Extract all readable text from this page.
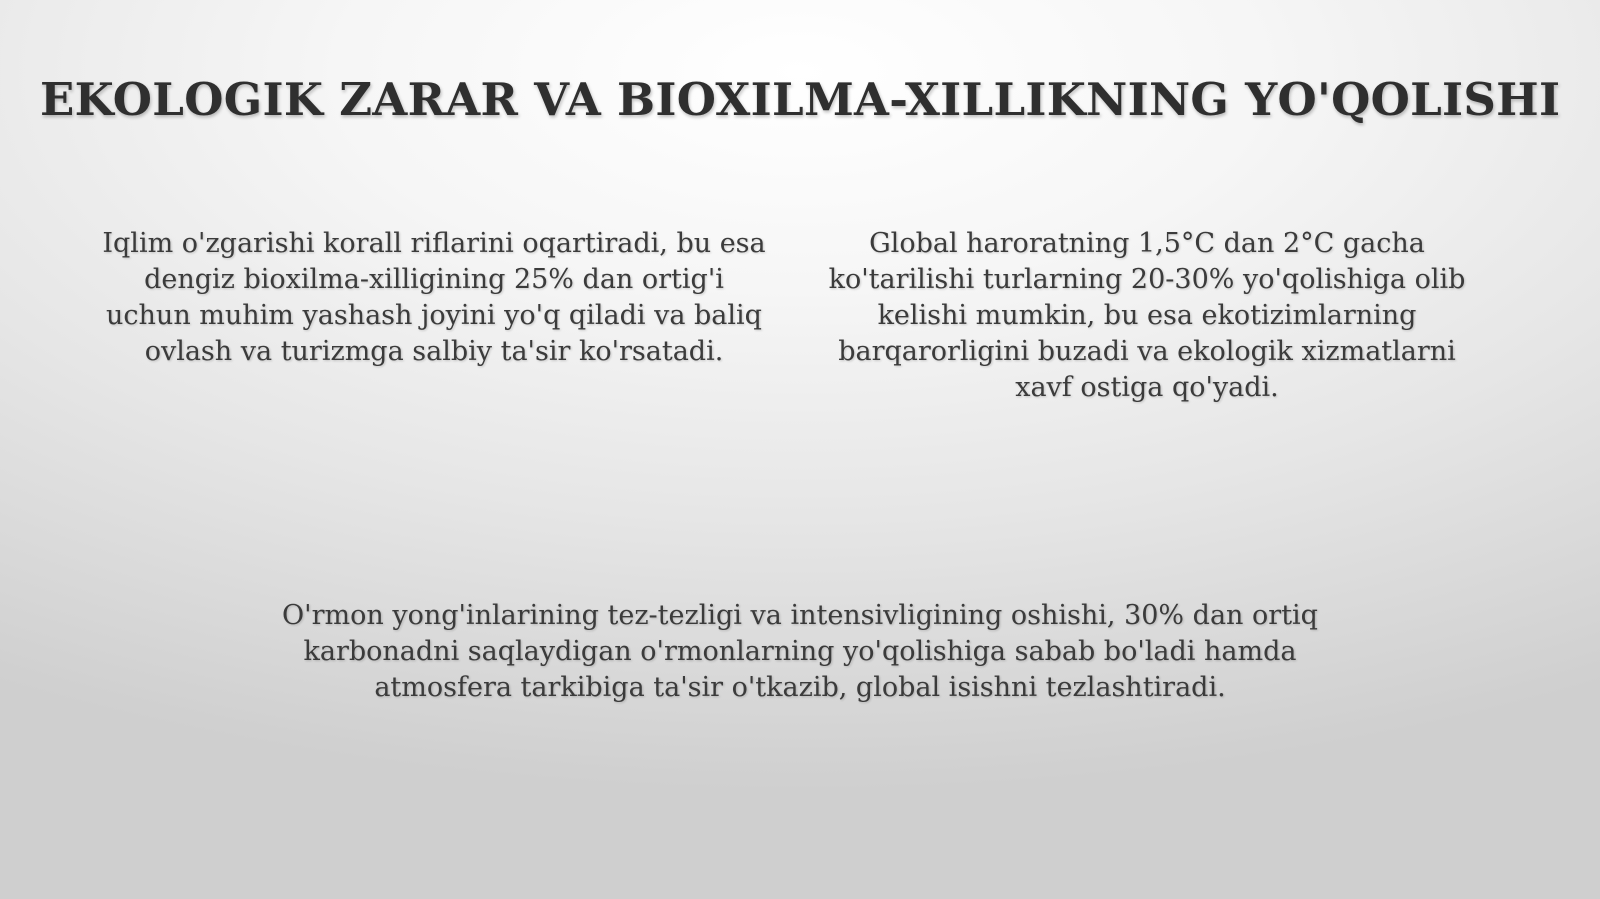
EKOLOGIK ZARAR VA BIOXILMA-XILLIKNING YO'QOLISHI

Iqlim o'zgarishi korall riflarini oqartiradi, bu esa dengiz bioxilma-xilligining 25% dan ortig'i uchun muhim yashash joyini yo'q qiladi va baliq ovlash va turizmga salbiy ta'sir ko'rsatadi.

Global haroratning 1,5°C dan 2°C gacha ko'tarilishi turlarning 20-30% yo'qolishiga olib kelishi mumkin, bu esa ekotizimlarning barqarorligini buzadi va ekologik xizmatlarni xavf ostiga qo'yadi.

O'rmon yong'inlarining tez-tezligi va intensivligining oshishi, 30% dan ortiq karbonadni saqlaydigan o'rmonlarning yo'qolishiga sabab bo'ladi hamda atmosfera tarkibiga ta'sir o'tkazib, global isishni tezlashtiradi.
